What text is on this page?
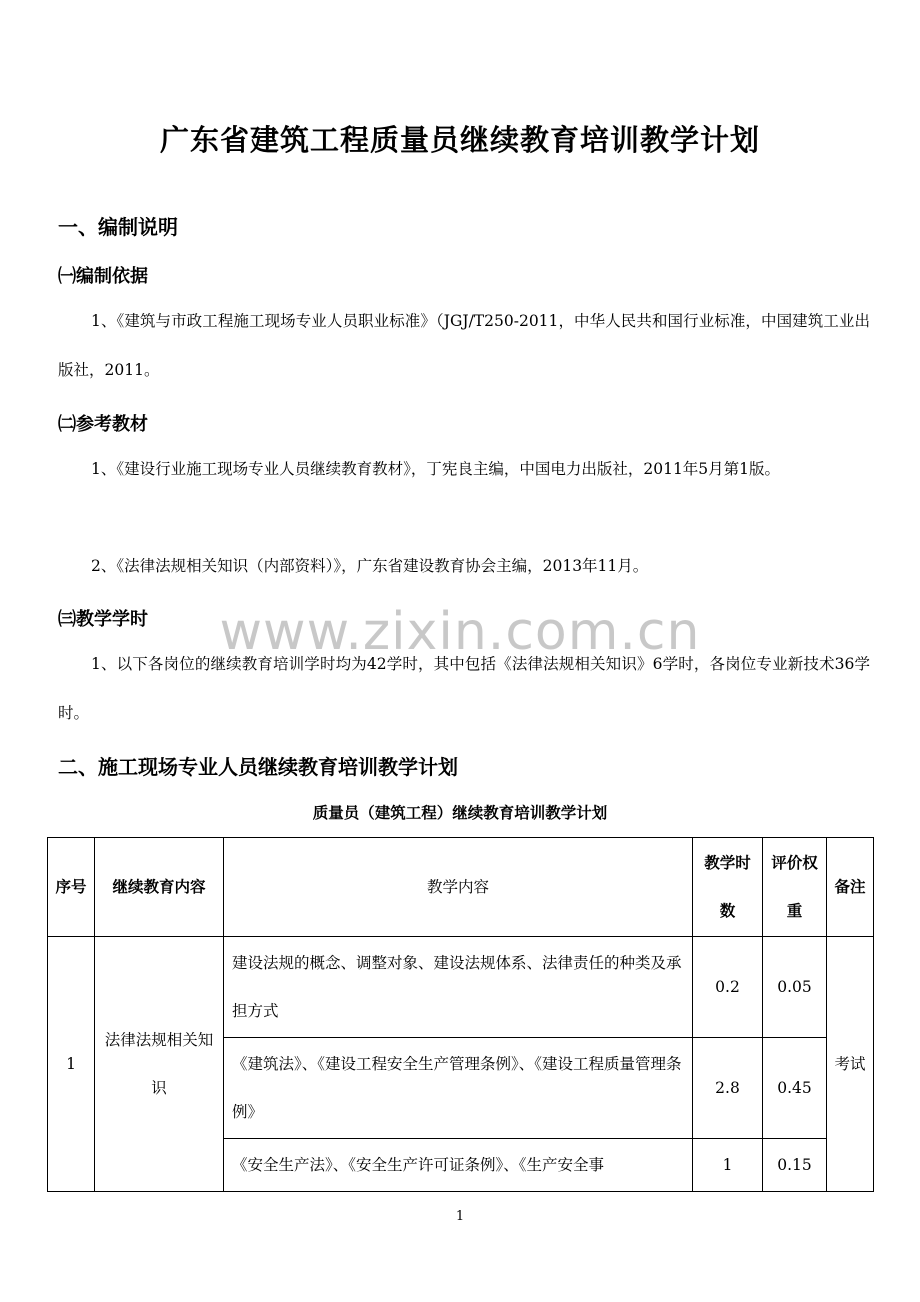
广东省建筑工程质量员继续教育培训教学计划
一、编制说明
㈠编制依据
1、《建筑与市政工程施工现场专业人员职业标准》（JGJ/T250-2011，中华人民共和国行业标准，中国建筑工业出版社，2011。
㈡参考教材
1、《建设行业施工现场专业人员继续教育教材》，丁宪良主编，中国电力出版社，2011年5月第1版。
2、《法律法规相关知识（内部资料）》，广东省建设教育协会主编，2013年11月。
㈢教学学时
1、以下各岗位的继续教育培训学时均为42学时，其中包括《法律法规相关知识》6学时，各岗位专业新技术36学时。
二、施工现场专业人员继续教育培训教学计划
质量员（建筑工程）继续教育培训教学计划
序号	继续教育内容	教学内容	教学时数	评价权重	备注
1	法律法规相关知识	建设法规的概念、调整对象、建设法规体系、法律责任的种类及承担方式	0.2	0.05	考试
		《建筑法》、《建设工程安全生产管理条例》、《建设工程质量管理条例》	2.8	0.45	
		《安全生产法》、《安全生产许可证条例》、《生产安全事	1	0.15	
www.zixin.com.cn
1
